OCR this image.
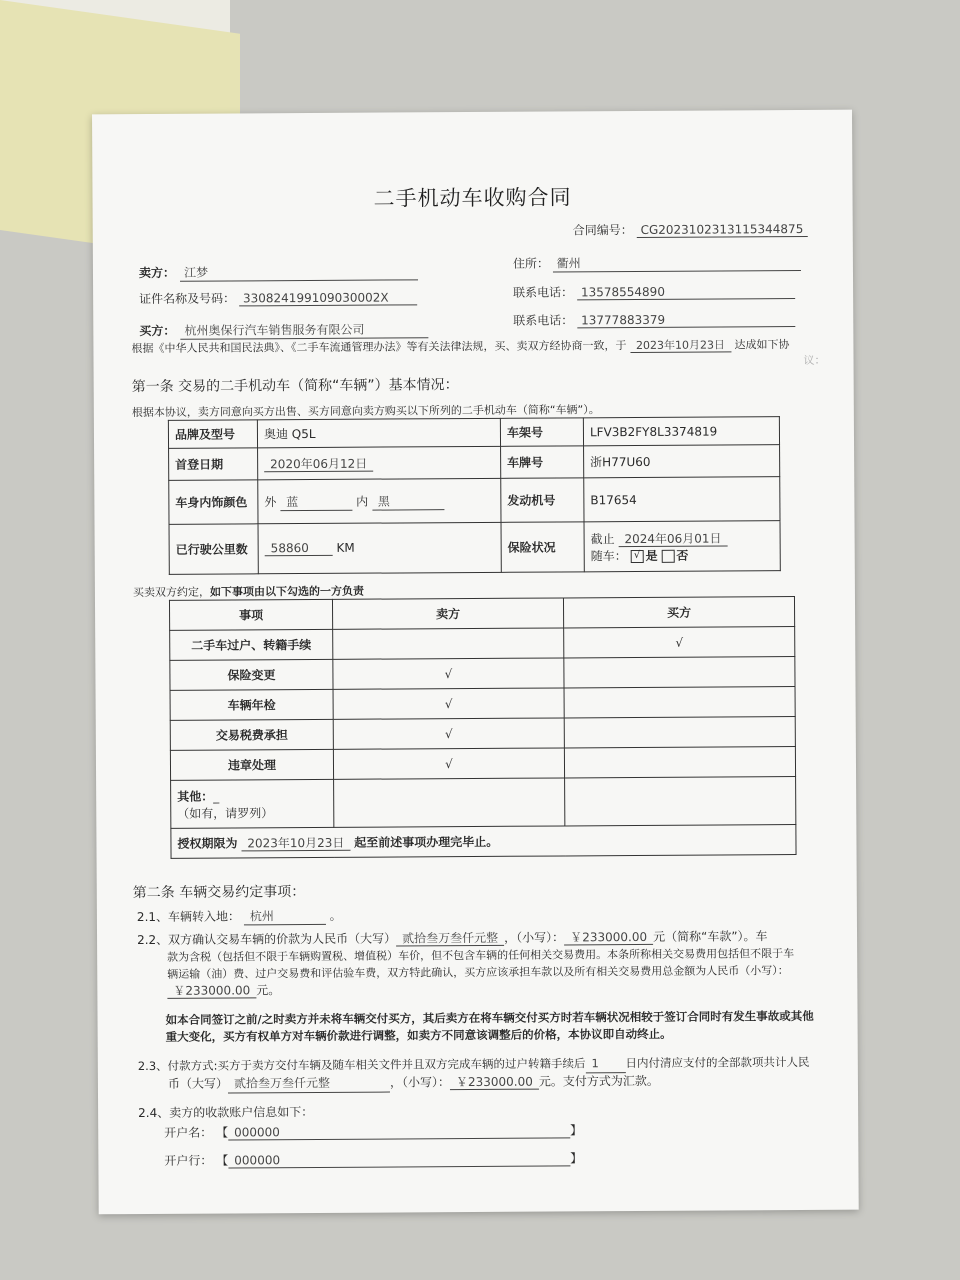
二手机动车收购合同
合同编号： CG2023102313115344875
卖方： 江梦
住所： 衢州
证件名称及号码： 330824199109030002X	联系电话： 13578554890
买方： 杭州奥保行汽车销售服务有限公司
联系电话： 13777883379
根据《中华人民共和国民法典》、《二手车流通管理办法》等有关法律法规，买、卖双方经协商一致，于 2023年10月23日 达成如下协
议：
第一条 交易的二手机动车（简称“车辆”）基本情况：
根据本协议，卖方同意向买方出售、买方同意向卖方购买以下所列的二手机动车（简称“车辆”）。
品牌及型号	奥迪 Q5L	车架号	LFV3B2FY8L3374819
首登日期	2020年06月12日	车牌号	浙H77U60
车身内饰颜色	外 蓝 内 黑	发动机号	B17654
已行驶公里数	58860 KM	保险状况	截止 2024年06月01日
随车： √ 是 否
买卖双方约定，如下事项由以下勾选的一方负责
事项	卖方	买方
二手车过户、转籍手续		√
保险变更	√	
车辆年检	√	
交易税费承担	√	
违章处理	√	

其他：_
（如有，请罗列）		

授权期限为 2023年10月23日 起至前述事项办理完毕止。		
第二条 车辆交易约定事项：
2.1、车辆转入地： 杭州	。
2.2、双方确认交易车辆的价款为人民币（大写） 贰拾叁万叁仟元整 ，（小写）： ￥233000.00 元（简称“车款”）。车
款为含税（包括但不限于车辆购置税、增值税）车价，但不包含车辆的任何相关交易费用。本条所称相关交易费用包括但不限于车
辆运输（油）费、过户交易费和评估验车费，双方特此确认，买方应该承担车款以及所有相关交易费用总金额为人民币（小写）：
￥233000.00 元。
如本合同签订之前/之时卖方并未将车辆交付买方，其后卖方在将车辆交付买方时若车辆状况相较于签订合同时有发生事故或其他重大变化，买方有权单方对车辆价款进行调整，如卖方不同意该调整后的价格，本协议即自动终止。
2.3、付款方式:买方于卖方交付车辆及随车相关文件并且双方完成车辆的过户转籍手续后 1 日内付清应支付的全部款项共计人民
币（大写） 贰拾叁万叁仟元整	，（小写）： ￥233000.00 元。支付方式为汇款。
2.4、卖方的收款账户信息如下：
开户名： 【 000000	】
开户行： 【 000000	】
